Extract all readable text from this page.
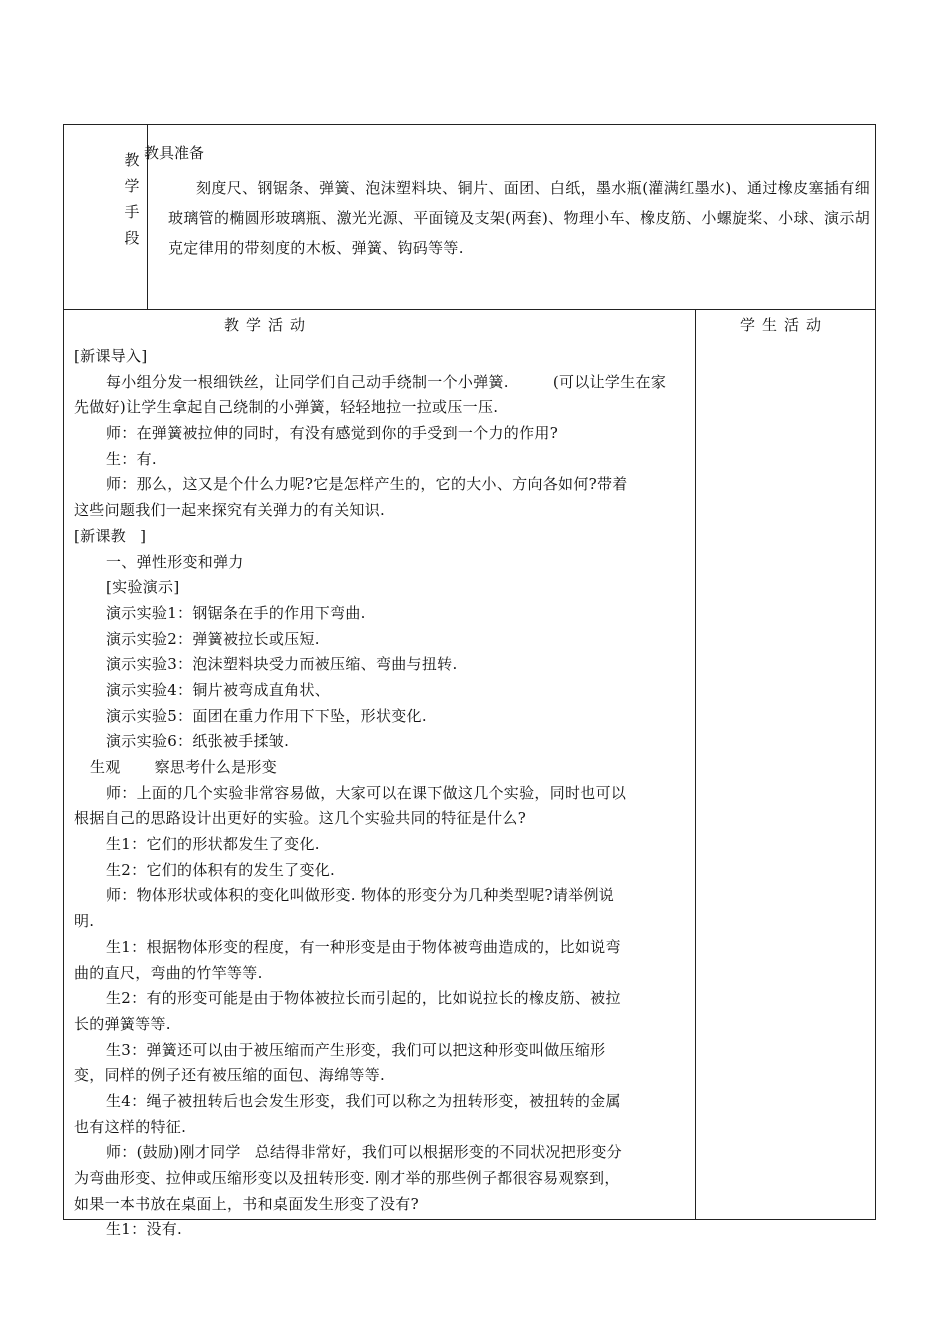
教
学
手
段
教具准备
刻度尺、钢锯条、弹簧、泡沫塑料块、铜片、面团、白纸，墨水瓶(灌满红墨水)、通过橡皮塞插有细玻璃管的椭圆形玻璃瓶、激光光源、平面镜及支架(两套)、物理小车、橡皮筋、小螺旋桨、小球、演示胡克定律用的带刻度的木板、弹簧、钩码等等.
教学活动	学生活动
[新课导入]
每小组分发一根细铁丝，让同学们自己动手绕制一个小弹簧.	(可以让学生在家
先做好)让学生拿起自己绕制的小弹簧，轻轻地拉一拉或压一压.
师：在弹簧被拉伸的同时，有没有感觉到你的手受到一个力的作用?
生：有.
师：那么，这又是个什么力呢?它是怎样产生的，它的大小、方向各如何?带着
这些问题我们一起来探究有关弹力的有关知识.
[新课教 ]
一、弹性形变和弹力
[实验演示]
演示实验1：钢锯条在手的作用下弯曲.
演示实验2：弹簧被拉长或压短.
演示实验3：泡沫塑料块受力而被压缩、弯曲与扭转.
演示实验4：铜片被弯成直角状、
演示实验5：面团在重力作用下下坠，形状变化.
演示实验6：纸张被手揉皱.
生观 察思考什么是形变
师：上面的几个实验非常容易做，大家可以在课下做这几个实验，同时也可以
根据自己的思路设计出更好的实验。这几个实验共同的特征是什么?
生1：它们的形状都发生了变化.
生2：它们的体积有的发生了变化.
师：物体形状或体积的变化叫做形变. 物体的形变分为几种类型呢?请举例说
明.
生1：根据物体形变的程度，有一种形变是由于物体被弯曲造成的，比如说弯
曲的直尺，弯曲的竹竿等等.
生2：有的形变可能是由于物体被拉长而引起的，比如说拉长的橡皮筋、被拉
长的弹簧等等.
生3：弹簧还可以由于被压缩而产生形变，我们可以把这种形变叫做压缩形
变，同样的例子还有被压缩的面包、海绵等等.
生4：绳子被扭转后也会发生形变，我们可以称之为扭转形变，被扭转的金属
也有这样的特征.
师：(鼓励)刚才同学 总结得非常好，我们可以根据形变的不同状况把形变分
为弯曲形变、拉伸或压缩形变以及扭转形变. 刚才举的那些例子都很容易观察到，
如果一本书放在桌面上，书和桌面发生形变了没有?
生1：没有.
